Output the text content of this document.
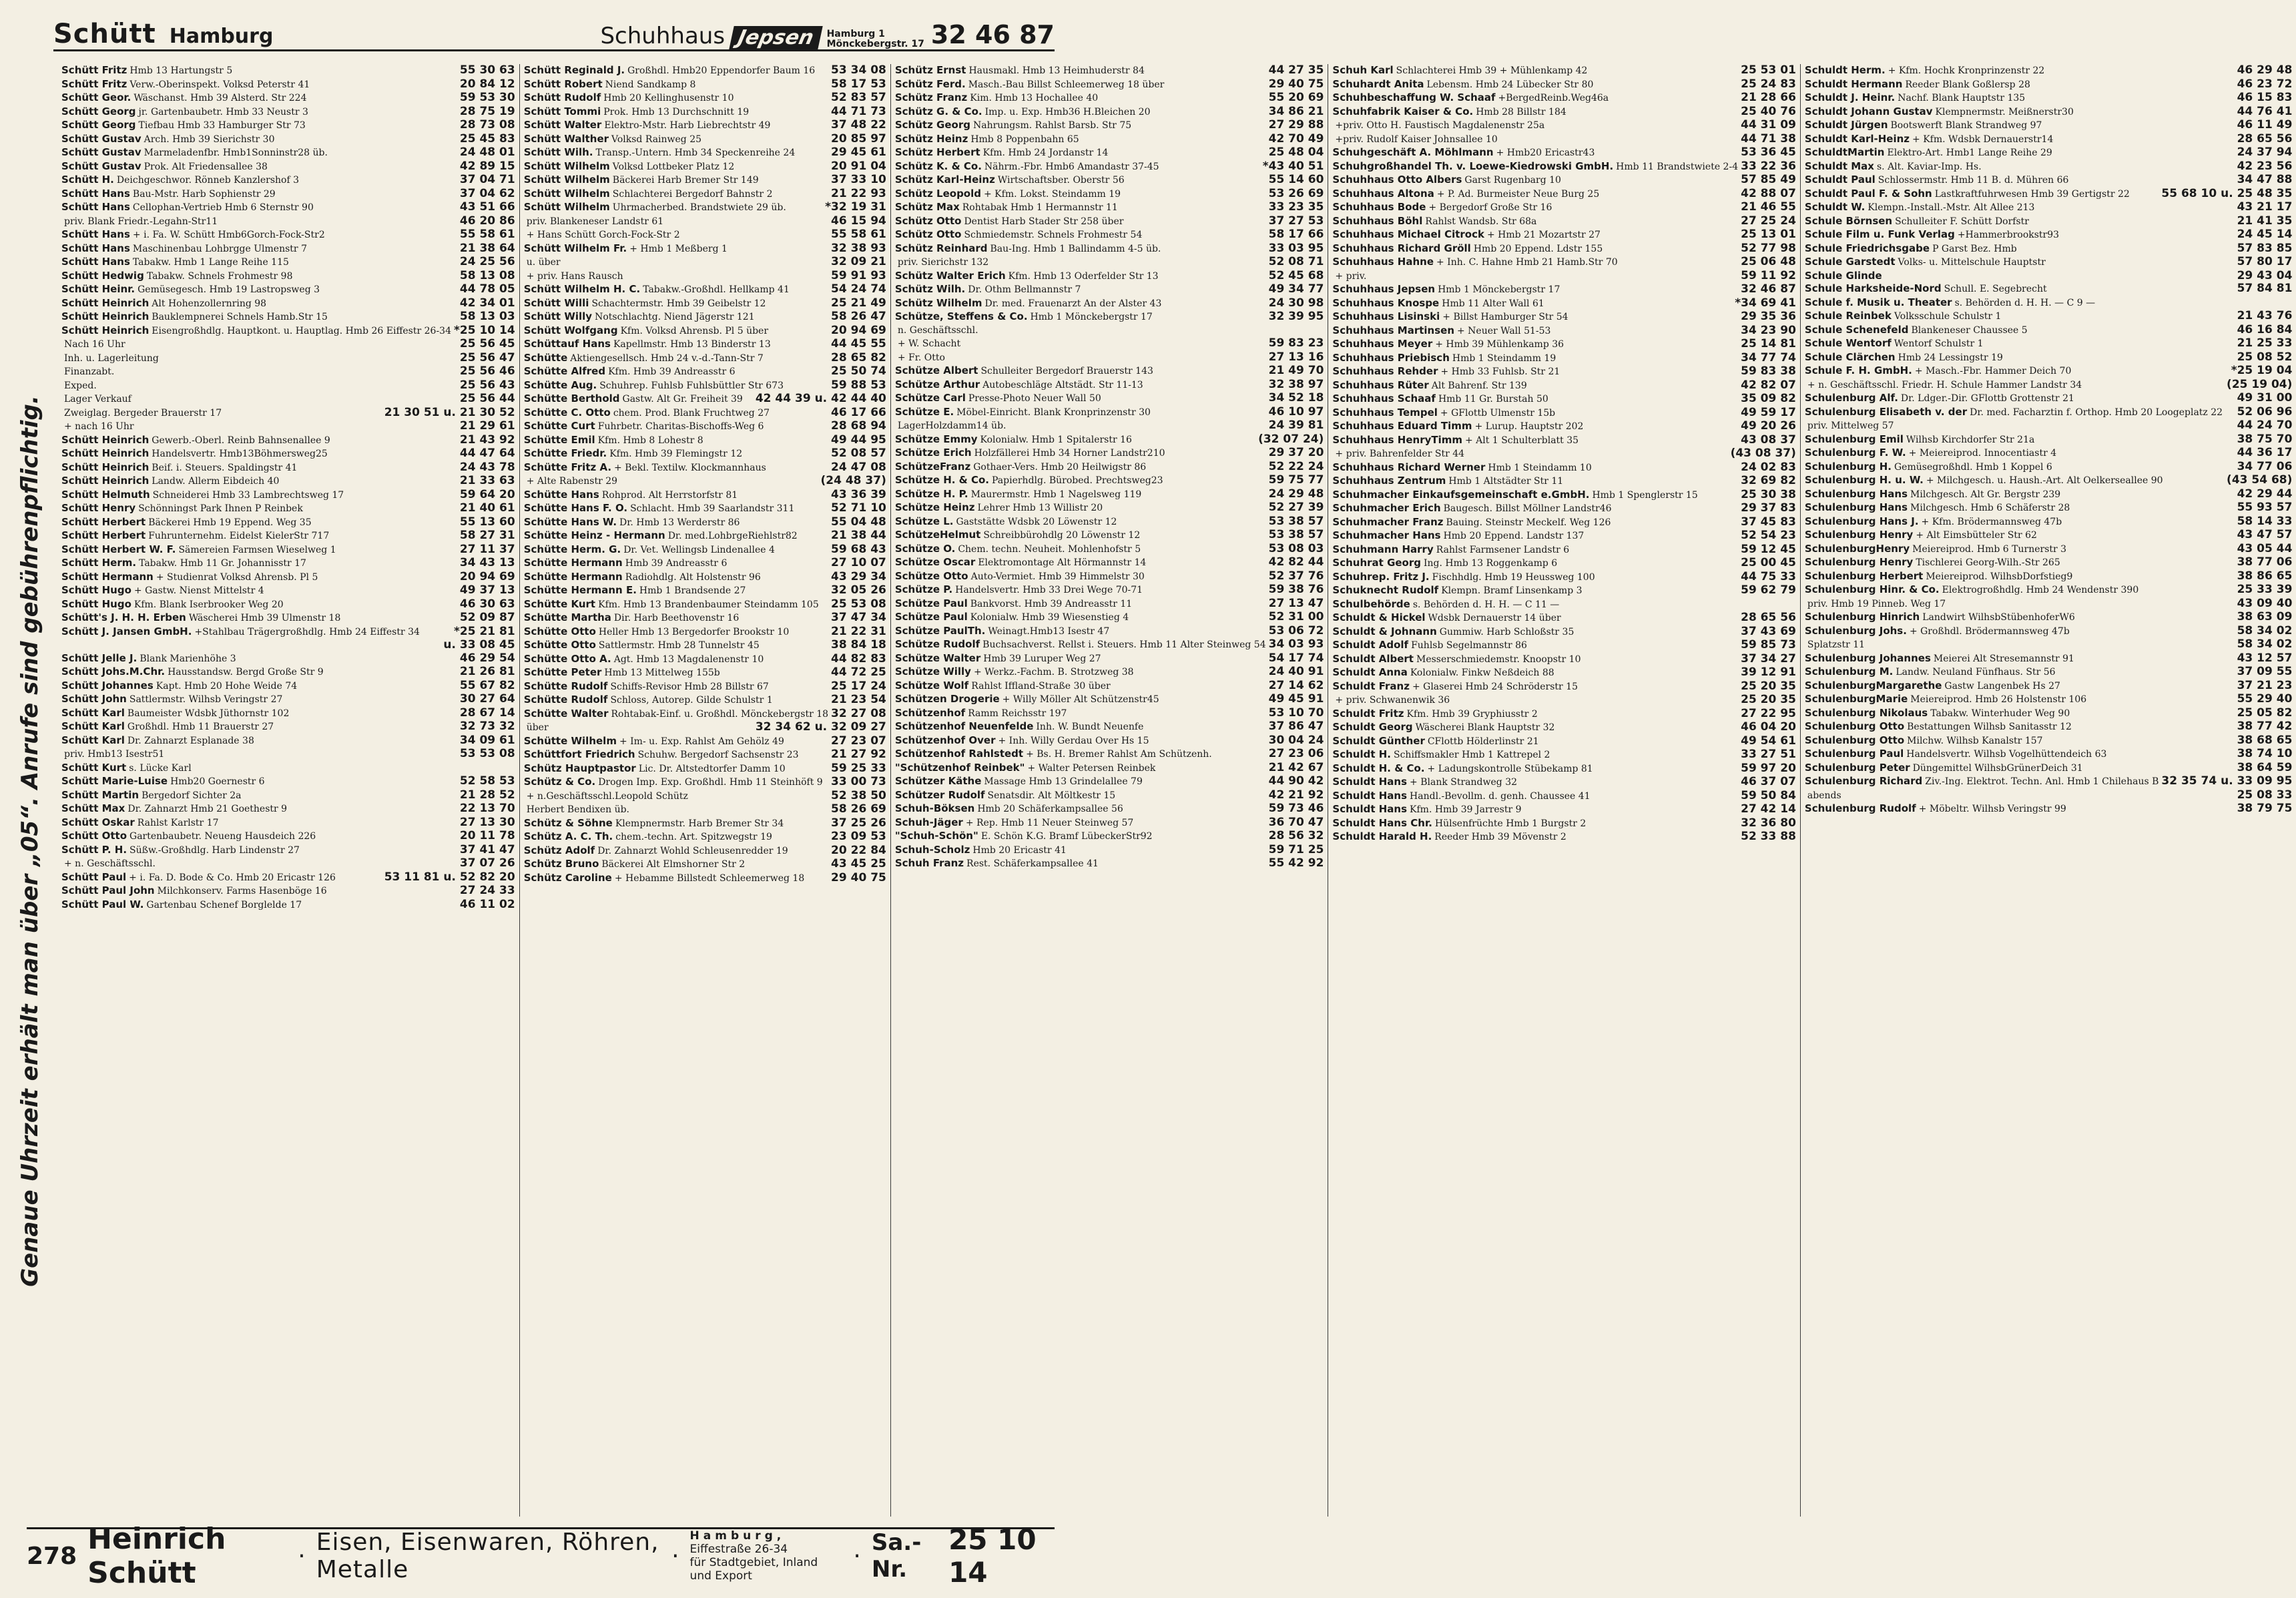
Schütt Hamburg	Schuhhaus Jepsen	Hamburg 1
Mönckebergstr. 17 32 46 87
Genaue Uhrzeit erhält man über „05“. Anrufe sind gebührenpflichtig.
Schütt Fritz Hmb 13 Hartungstr 5	55 30 63
Schütt Fritz Verw.-Oberinspekt. Volksd Peterstr 41	20 84 12
Schütt Geor. Wäschanst. Hmb 39 Alsterd. Str 224	59 53 30
Schütt Georg jr. Gartenbaubetr. Hmb 33 Neustr 3	28 75 19
Schütt Georg Tiefbau Hmb 33 Hamburger Str 73	28 73 08
Schütt Gustav Arch. Hmb 39 Sierichstr 30	25 45 83
Schütt Gustav Marmeladenfbr. Hmb1Sonninstr28 üb.	24 48 01
Schütt Gustav Prok. Alt Friedensallee 38	42 89 15
Schütt H. Deichgeschwor. Rönneb Kanzlershof 3	37 04 71
Schütt Hans Bau-Mstr. Harb Sophienstr 29	37 04 62
Schütt Hans Cellophan-Vertrieb Hmb 6 Sternstr 90	43 51 66
priv. Blank Friedr.-Legahn-Str11	46 20 86
Schütt Hans + i. Fa. W. Schütt Hmb6Gorch-Fock-Str2	55 58 61
Schütt Hans Maschinenbau Lohbrgge Ulmenstr 7	21 38 64
Schütt Hans Tabakw. Hmb 1 Lange Reihe 115	24 25 56
Schütt Hedwig Tabakw. Schnels Frohmestr 98	58 13 08
Schütt Heinr. Gemüsegesch. Hmb 19 Lastropsweg 3	44 78 05
Schütt Heinrich Alt Hohenzollernring 98	42 34 01
Schütt Heinrich Bauklempnerei Schnels Hamb.Str 15	58 13 03
Schütt Heinrich Eisengroßhdlg. Hauptkont. u. Hauptlag. Hmb 26 Eiffestr 26-34 *25 10 14
Nach 16 Uhr	25 56 45
Inh. u. Lagerleitung	25 56 47
Finanzabt.	25 56 46
Exped.	25 56 43
Lager Verkauf	25 56 44
Zweiglag. Bergeder Brauerstr 17	21 30 51 u. 21 30 52
+ nach 16 Uhr	21 29 61
Schütt Heinrich Gewerb.-Oberl. Reinb Bahnsenallee 9	21 43 92
Schütt Heinrich Handelsvertr. Hmb13Böhmersweg25	44 47 64
Schütt Heinrich Beif. i. Steuers. Spaldingstr 41	24 43 78
Schütt Heinrich Landw. Allerm Eibdeich 40	21 33 63
Schütt Helmuth Schneiderei Hmb 33 Lambrechtsweg 17	59 64 20
Schütt Henry Schönningst Park Ihnen P Reinbek	21 40 61
Schütt Herbert Bäckerei Hmb 19 Eppend. Weg 35	55 13 60
Schütt Herbert Fuhrunternehm. Eidelst KielerStr 717	58 27 31
Schütt Herbert W. F. Sämereien Farmsen Wieselweg 1	27 11 37
Schütt Herm. Tabakw. Hmb 11 Gr. Johannisstr 17	34 43 13
Schütt Hermann + Studienrat Volksd Ahrensb. Pl 5	20 94 69
Schütt Hugo + Gastw. Nienst Mittelstr 4	49 37 13
Schütt Hugo Kfm. Blank Iserbrooker Weg 20	46 30 63
Schütt's J. H. H. Erben Wäscherei Hmb 39 Ulmenstr 18	52 09 87
Schütt J. Jansen GmbH. +Stahlbau Trägergroßhdlg. Hmb 24 Eiffestr 34	*25 21 81
u. 33 08 45
Schütt Jelle J. Blank Marienhöhe 3	46 29 54
Schütt Johs.M.Chr. Hausstandsw. Bergd Große Str 9	21 26 81
Schütt Johannes Kapt. Hmb 20 Hohe Weide 74	55 67 82
Schütt John Sattlermstr. Wilhsb Veringstr 27	30 27 64
Schütt Karl Baumeister Wdsbk Jüthornstr 102	28 67 14
Schütt Karl Großhdl. Hmb 11 Brauerstr 27	32 73 32
Schütt Karl Dr. Zahnarzt Esplanade 38	34 09 61
priv. Hmb13 Isestr51	53 53 08
Schütt Kurt s. Lücke Karl
Schütt Marie-Luise Hmb20 Goernestr 6	52 58 53
Schütt Martin Bergedorf Sichter 2a	21 28 52
Schütt Max Dr. Zahnarzt Hmb 21 Goethestr 9	22 13 70
Schütt Oskar Rahlst Karlstr 17	27 13 30
Schütt Otto Gartenbaubetr. Neueng Hausdeich 226	20 11 78
Schütt P. H. Süßw.-Großhdlg. Harb Lindenstr 27	37 41 47
+ n. Geschäftsschl.	37 07 26
Schütt Paul + i. Fa. D. Bode & Co. Hmb 20 Ericastr 126	53 11 81 u. 52 82 20
Schütt Paul John Milchkonserv. Farms Hasenböge 16	27 24 33
Schütt Paul W. Gartenbau Schenef Borglelde 17	46 11 02
Schütt Reginald J. Großhdl. Hmb20 Eppendorfer Baum 16	53 34 08
Schütt Robert Niend Sandkamp 8	58 17 53
Schütt Rudolf Hmb 20 Kellinghusenstr 10	52 83 57
Schütt Tommi Prok. Hmb 13 Durchschnitt 19	44 71 73
Schütt Walter Elektro-Mstr. Harb Liebrechtstr 49	37 48 22
Schütt Walther Volksd Rainweg 25	20 85 97
Schütt Wilh. Transp.-Untern. Hmb 34 Speckenreihe 24	29 45 61
Schütt Wilhelm Volksd Lottbeker Platz 12	20 91 04
Schütt Wilhelm Bäckerei Harb Bremer Str 149	37 33 10
Schütt Wilhelm Schlachterei Bergedorf Bahnstr 2	21 22 93
Schütt Wilhelm Uhrmacherbed. Brandstwiete 29 üb.	*32 19 31
priv. Blankeneser Landstr 61	46 15 94
+ Hans Schütt Gorch-Fock-Str 2	55 58 61
Schütt Wilhelm Fr. + Hmb 1 Meßberg 1	32 38 93
u. über	32 09 21
+ priv. Hans Rausch	59 91 93
Schütt Wilhelm H. C. Tabakw.-Großhdl. Hellkamp 41	54 24 74
Schütt Willi Schachtermstr. Hmb 39 Geibelstr 12	25 21 49
Schütt Willy Notschlachtg. Niend Jägerstr 121	58 26 47
Schütt Wolfgang Kfm. Volksd Ahrensb. Pl 5 über	20 94 69
Schüttauf Hans Kapellmstr. Hmb 13 Binderstr 13	44 45 55
Schütte Aktiengesellsch. Hmb 24 v.-d.-Tann-Str 7	28 65 82
Schütte Alfred Kfm. Hmb 39 Andreasstr 6	25 50 74
Schütte Aug. Schuhrep. Fuhlsb Fuhlsbüttler Str 673	59 88 53
Schütte Berthold Gastw. Alt Gr. Freiheit 39	42 44 39 u. 42 44 40
Schütte C. Otto chem. Prod. Blank Fruchtweg 27	46 17 66
Schütte Curt Fuhrbetr. Charitas-Bischoffs-Weg 6	28 68 94
Schütte Emil Kfm. Hmb 8 Lohestr 8	49 44 95
Schütte Friedr. Kfm. Hmb 39 Flemingstr 12	52 08 57
Schütte Fritz A. + Bekl. Textilw. Klockmannhaus	24 47 08
+ Alte Rabenstr 29	(24 48 37)
Schütte Hans Rohprod. Alt Herrstorfstr 81	43 36 39
Schütte Hans F. O. Schlacht. Hmb 39 Saarlandstr 311	52 71 10
Schütte Hans W. Dr. Hmb 13 Werderstr 86	55 04 48
Schütte Heinz - Hermann Dr. med.LohbrgeRiehlstr82	21 38 44
Schütte Herm. G. Dr. Vet. Wellingsb Lindenallee 4	59 68 43
Schütte Hermann Hmb 39 Andreasstr 6	27 10 07
Schütte Hermann Radiohdlg. Alt Holstenstr 96	43 29 34
Schütte Hermann E. Hmb 1 Brandsende 27	32 05 26
Schütte Kurt Kfm. Hmb 13 Brandenbaumer Steindamm 105	25 53 08
Schütte Martha Dir. Harb Beethovenstr 16	37 47 34
Schütte Otto Heller Hmb 13 Bergedorfer Brookstr 10	21 22 31
Schütte Otto Sattlermstr. Hmb 28 Tunnelstr 45	38 84 18
Schütte Otto A. Agt. Hmb 13 Magdalenenstr 10	44 82 83
Schütte Peter Hmb 13 Mittelweg 155b	44 72 25
Schütte Rudolf Schiffs-Revisor Hmb 28 Billstr 67	25 17 24
Schütte Rudolf Schloss, Autorep. Gilde Schulstr 1	21 23 54
Schütte Walter Rohtabak-Einf. u. Großhdl. Mönckebergstr 18 32 27 08
über	32 34 62 u. 32 09 27
Schütte Wilhelm + Im- u. Exp. Rahlst Am Gehölz 49	27 23 07
Schüttfort Friedrich Schuhw. Bergedorf Sachsenstr 23	21 27 92
Schütz Hauptpastor Lic. Dr. Altstedtorfer Damm 10	59 25 33
Schütz & Co. Drogen Imp. Exp. Großhdl. Hmb 11 Steinhöft 9 33 00 73
+ n.Geschäftsschl.Leopold Schütz	52 38 50
Herbert Bendixen üb.	58 26 69
Schütz & Söhne Klempnermstr. Harb Bremer Str 34	37 25 26
Schütz A. C. Th. chem.-techn. Art. Spitzwegstr 19	23 09 53
Schütz Adolf Dr. Zahnarzt Wohld Schleusenredder 19	20 22 84
Schütz Bruno Bäckerei Alt Elmshorner Str 2	43 45 25
Schütz Caroline + Hebamme Billstedt Schleemerweg 18	29 40 75
Schütz Ernst Hausmakl. Hmb 13 Heimhuderstr 84	44 27 35
Schütz Ferd. Masch.-Bau Billst Schleemerweg 18 über	29 40 75
Schütz Franz Kim. Hmb 13 Hochallee 40	55 20 69
Schütz G. & Co. Imp. u. Exp. Hmb36 H.Bleichen 20	34 86 21
Schütz Georg Nahrungsm. Rahlst Barsb. Str 75	27 29 88
Schütz Heinz Hmb 8 Poppenbahn 65	42 70 49
Schütz Herbert Kfm. Hmb 24 Jordanstr 14	25 48 04
Schütz K. & Co. Nährm.-Fbr. Hmb6 Amandastr 37-45	*43 40 51
Schütz Karl-Heinz Wirtschaftsber. Oberstr 56	55 14 60
Schütz Leopold + Kfm. Lokst. Steindamm 19	53 26 69
Schütz Max Rohtabak Hmb 1 Hermannstr 11	33 23 35
Schütz Otto Dentist Harb Stader Str 258 über	37 27 53
Schütz Otto Schmiedemstr. Schnels Frohmestr 54	58 17 66
Schütz Reinhard Bau-Ing. Hmb 1 Ballindamm 4-5 üb.	33 03 95
priv. Sierichstr 132	52 08 71
Schütz Walter Erich Kfm. Hmb 13 Oderfelder Str 13	52 45 68
Schütz Wilh. Dr. Othm Bellmannstr 7	49 34 77
Schütz Wilhelm Dr. med. Frauenarzt An der Alster 43	24 30 98
Schütze, Steffens & Co. Hmb 1 Mönckebergstr 17	32 39 95
n. Geschäftsschl.
+ W. Schacht	59 83 23
+ Fr. Otto	27 13 16
Schütze Albert Schulleiter Bergedorf Brauerstr 143	21 49 70
Schütze Arthur Autobeschläge Altstädt. Str 11-13	32 38 97
Schütze Carl Presse-Photo Neuer Wall 50	34 52 18
Schütze E. Möbel-Einricht. Blank Kronprinzenstr 30	46 10 97
LagerHolzdamm14 üb.	24 39 81
Schütze Emmy Kolonialw. Hmb 1 Spitalerstr 16	(32 07 24)
Schütze Erich Holzfällerei Hmb 34 Horner Landstr210	29 37 20
SchützeFranz Gothaer-Vers. Hmb 20 Heilwigstr 86	52 22 24
Schütze H. & Co. Papierhdlg. Bürobed. Prechtsweg23	59 75 77
Schütze H. P. Maurermstr. Hmb 1 Nagelsweg 119	24 29 48
Schütze Heinz Lehrer Hmb 13 Willistr 20	52 27 39
Schütze L. Gaststätte Wdsbk 20 Löwenstr 12	53 38 57
SchützeHelmut Schreibbürohdlg 20 Löwenstr 12	53 38 57
Schütze O. Chem. techn. Neuheit. Mohlenhofstr 5	53 08 03
Schütze Oscar Elektromontage Alt Hörmannstr 14	42 82 44
Schütze Otto Auto-Vermiet. Hmb 39 Himmelstr 30	52 37 76
Schütze P. Handelsvertr. Hmb 33 Drei Wege 70-71	59 38 76
Schütze Paul Bankvorst. Hmb 39 Andreasstr 11	27 13 47
Schütze Paul Kolonialw. Hmb 39 Wiesenstieg 4	52 31 00
Schütze PaulTh. Weinagt.Hmb13 Isestr 47	53 06 72
Schütze Rudolf Buchsachverst. Rellst i. Steuers. Hmb 11 Alter Steinweg 54 34 03 93
Schütze Walter Hmb 39 Luruper Weg 27	54 17 74
Schütze Willy + Werkz.-Fachm. B. Strotzweg 38	24 40 91
Schütze Wolf Rahlst Iffland-Straße 30 über	27 14 62
Schützen Drogerie + Willy Möller Alt Schützenstr45	49 45 91
Schützenhof Ramm Reichsstr 197	53 10 70
Schützenhof Neuenfelde Inh. W. Bundt Neuenfe	37 86 47
Schützenhof Over + Inh. Willy Gerdau Over Hs 15	30 04 24
Schützenhof Rahlstedt + Bs. H. Bremer Rahlst Am Schützenh.	27 23 06
"Schützenhof Reinbek" + Walter Petersen Reinbek	21 42 67
Schützer Käthe Massage Hmb 13 Grindelallee 79	44 90 42
Schützer Rudolf Senatsdir. Alt Möltkestr 15	42 21 92
Schuh-Böksen Hmb 20 Schäferkampsallee 56	59 73 46
Schuh-Jäger + Rep. Hmb 11 Neuer Steinweg 57	36 70 47
"Schuh-Schön" E. Schön K.G. Bramf LübeckerStr92	28 56 32
Schuh-Scholz Hmb 20 Ericastr 41	59 71 25
Schuh Franz Rest. Schäferkampsallee 41	55 42 92
Schuh Karl Schlachterei Hmb 39 + Mühlenkamp 42	25 53 01
Schuhardt Anita Lebensm. Hmb 24 Lübecker Str 80	25 24 83
Schuhbeschaffung W. Schaaf +BergedReinb.Weg46a	21 28 66
Schuhfabrik Kaiser & Co. Hmb 28 Billstr 184	25 40 76
+priv. Otto H. Faustisch Magdalenenstr 25a	44 31 09
+priv. Rudolf Kaiser Johnsallee 10	44 71 38
Schuhgeschäft A. Möhlmann + Hmb20 Ericastr43	53 36 45
Schuhgroßhandel Th. v. Loewe-Kiedrowski GmbH. Hmb 11 Brandstwiete 2-4 33 22 36
Schuhhaus Otto Albers Garst Rugenbarg 10	57 85 49
Schuhhaus Altona + P. Ad. Burmeister Neue Burg 25	42 88 07
Schuhhaus Bode + Bergedorf Große Str 16	21 46 55
Schuhhaus Böhl Rahlst Wandsb. Str 68a	27 25 24
Schuhhaus Michael Citrock + Hmb 21 Mozartstr 27	25 13 01
Schuhhaus Richard Gröll Hmb 20 Eppend. Ldstr 155	52 77 98
Schuhhaus Hahne + Inh. C. Hahne Hmb 21 Hamb.Str 70	25 06 48
+ priv.	59 11 92
Schuhhaus Jepsen Hmb 1 Mönckebergstr 17	32 46 87
Schuhhaus Knospe Hmb 11 Alter Wall 61	*34 69 41
Schuhhaus Lisinski + Billst Hamburger Str 54	29 35 36
Schuhhaus Martinsen + Neuer Wall 51-53	34 23 90
Schuhhaus Meyer + Hmb 39 Mühlenkamp 36	25 14 81
Schuhhaus Priebisch Hmb 1 Steindamm 19	34 77 74
Schuhhaus Rehder + Hmb 33 Fuhlsb. Str 21	59 83 38
Schuhhaus Rüter Alt Bahrenf. Str 139	42 82 07
Schuhhaus Schaaf Hmb 11 Gr. Burstah 50	35 09 82
Schuhhaus Tempel + GFlottb Ulmenstr 15b	49 59 17
Schuhhaus Eduard Timm + Lurup. Hauptstr 202	49 20 26
Schuhhaus HenryTimm + Alt 1 Schulterblatt 35	43 08 37
+ priv. Bahrenfelder Str 44	(43 08 37)
Schuhhaus Richard Werner Hmb 1 Steindamm 10	24 02 83
Schuhhaus Zentrum Hmb 1 Altstädter Str 11	32 69 82
Schuhmacher Einkaufsgemeinschaft e.GmbH. Hmb 1 Spenglerstr 15	25 30 38
Schuhmacher Erich Baugesch. Billst Möllner Landstr46	29 37 83
Schuhmacher Franz Bauing. Steinstr Meckelf. Weg 126	37 45 83
Schuhmacher Hans Hmb 20 Eppend. Landstr 137	52 54 23
Schuhmann Harry Rahlst Farmsener Landstr 6	59 12 45
Schuhrat Georg Ing. Hmb 13 Roggenkamp 6	25 00 45
Schuhrep. Fritz J. Fischhdlg. Hmb 19 Heussweg 100	44 75 33
Schuknecht Rudolf Klempn. Bramf Linsenkamp 3	59 62 79
Schulbehörde s. Behörden d. H. H. — C 11 —
Schuldt & Hickel Wdsbk Dernauerstr 14 über	28 65 56
Schuldt & Johnann Gummiw. Harb Schloßstr 35	37 43 69
Schuldt Adolf Fuhlsb Segelmannstr 86	59 85 73
Schuldt Albert Messerschmiedemstr. Knoopstr 10	37 34 27
Schuldt Anna Kolonialw. Finkw Neßdeich 88	39 12 91
Schuldt Franz + Glaserei Hmb 24 Schröderstr 15	25 20 35
+ priv. Schwanenwik 36	25 20 35
Schuldt Fritz Kfm. Hmb 39 Gryphiusstr 2	27 22 95
Schuldt Georg Wäscherei Blank Hauptstr 32	46 04 20
Schuldt Günther CFlottb Hölderlinstr 21	49 54 61
Schuldt H. Schiffsmakler Hmb 1 Kattrepel 2	33 27 51
Schuldt H. & Co. + Ladungskontrolle Stübekamp 81	59 97 20
Schuldt Hans + Blank Strandweg 32	46 37 07
Schuldt Hans Handl.-Bevollm. d. genh. Chaussee 41	59 50 84
Schuldt Hans Kfm. Hmb 39 Jarrestr 9	27 42 14
Schuldt Hans Chr. Hülsenfrüchte Hmb 1 Burgstr 2	32 36 80
Schuldt Harald H. Reeder Hmb 39 Mövenstr 2	52 33 88
Schuldt Herm. + Kfm. Hochk Kronprinzenstr 22	46 29 48
Schuldt Hermann Reeder Blank Goßlersp 28	46 23 72
Schuldt J. Heinr. Nachf. Blank Hauptstr 135	46 15 83
Schuldt Johann Gustav Klempnermstr. Meißnerstr30	44 76 41
Schuldt Jürgen Bootswerft Blank Strandweg 97	46 11 49
Schuldt Karl-Heinz + Kfm. Wdsbk Dernauerstr14	28 65 56
SchuldtMartin Elektro-Art. Hmb1 Lange Reihe 29	24 37 94
Schuldt Max s. Alt. Kaviar-Imp. Hs.	42 23 56
Schuldt Paul Schlossermstr. Hmb 11 B. d. Mühren 66	34 47 88
Schuldt Paul F. & Sohn Lastkraftfuhrwesen Hmb 39 Gertigstr 22	55 68 10 u. 25 48 35
Schuldt W. Klempn.-Install.-Mstr. Alt Allee 213	43 21 17
Schule Börnsen Schulleiter F. Schütt Dorfstr	21 41 35
Schule Film u. Funk Verlag +Hammerbrookstr93	24 45 14
Schule Friedrichsgabe P Garst Bez. Hmb	57 83 85
Schule Garstedt Volks- u. Mittelschule Hauptstr	57 80 17
Schule Glinde	29 43 04
Schule Harksheide-Nord Schull. E. Segebrecht	57 84 81
Schule f. Musik u. Theater s. Behörden d. H. H. — C 9 —
Schule Reinbek Volksschule Schulstr 1	21 43 76
Schule Schenefeld Blankeneser Chaussee 5	46 16 84
Schule Wentorf Wentorf Schulstr 1	21 25 33
Schule Clärchen Hmb 24 Lessingstr 19	25 08 52
Schule F. H. GmbH. + Masch.-Fbr. Hammer Deich 70	*25 19 04
+ n. Geschäftsschl. Friedr. H. Schule Hammer Landstr 34	(25 19 04)
Schulenburg Alf. Dr. Ldger.-Dir. GFlottb Grottenstr 21	49 31 00
Schulenburg Elisabeth v. der Dr. med. Facharztin f. Orthop. Hmb 20 Loogeplatz 22	52 06 96
priv. Mittelweg 57	44 24 70
Schulenburg Emil Wilhsb Kirchdorfer Str 21a	38 75 70
Schulenburg F. W. + Meiereiprod. Innocentiastr 4	44 36 17
Schulenburg H. Gemüsegroßhdl. Hmb 1 Koppel 6	34 77 06
Schulenburg H. u. W. + Milchgesch. u. Haush.-Art. Alt Oelkerseallee 90	(43 54 68)
Schulenburg Hans Milchgesch. Alt Gr. Bergstr 239	42 29 44
Schulenburg Hans Milchgesch. Hmb 6 Schäferstr 28	55 93 57
Schulenburg Hans J. + Kfm. Brödermannsweg 47b	58 14 33
Schulenburg Henry + Alt Eimsbütteler Str 62	43 47 57
SchulenburgHenry Meiereiprod. Hmb 6 Turnerstr 3	43 05 44
Schulenburg Henry Tischlerei Georg-Wilh.-Str 265	38 77 06
Schulenburg Herbert Meiereiprod. WilhsbDorfstieg9	38 86 65
Schulenburg Hinr. & Co. Elektrogroßhdlg. Hmb 24 Wendenstr 390	25 33 39
priv. Hmb 19 Pinneb. Weg 17	43 09 40
Schulenburg Hinrich Landwirt WilhsbStübenhoferW6	38 63 09
Schulenburg Johs. + Großhdl. Brödermannsweg 47b	58 34 02
Splatzstr 11	58 34 02
Schulenburg Johannes Meierei Alt Stresemannstr 91	43 12 57
Schulenburg M. Landw. Neuland Fünfhaus. Str 56	37 09 55
SchulenburgMargarethe Gastw Langenbek Hs 27	37 21 23
SchulenburgMarie Meiereiprod. Hmb 26 Holstenstr 106	55 29 40
Schulenburg Nikolaus Tabakw. Winterhuder Weg 90	25 05 82
Schulenburg Otto Bestattungen Wilhsb Sanitasstr 12	38 77 42
Schulenburg Otto Milchw. Wilhsb Kanalstr 157	38 68 65
Schulenburg Paul Handelsvertr. Wilhsb Vogelhüttendeich 63	38 74 10
Schulenburg Peter Düngemittel WilhsbGrünerDeich 31	38 64 59
Schulenburg Richard Ziv.-Ing. Elektrot. Techn. Anl. Hmb 1 Chilehaus B 32 35 74 u. 33 09 95
abends	25 08 33
Schulenburg Rudolf + Möbeltr. Wilhsb Veringstr 99	38 79 75
278 Heinrich Schütt	· Eisen, Eisenwaren, Röhren, Metalle	·
Hamburg, Eiffestraße 26-34
für Stadtgebiet, Inland und Export
· Sa.-Nr.
25 10 14
